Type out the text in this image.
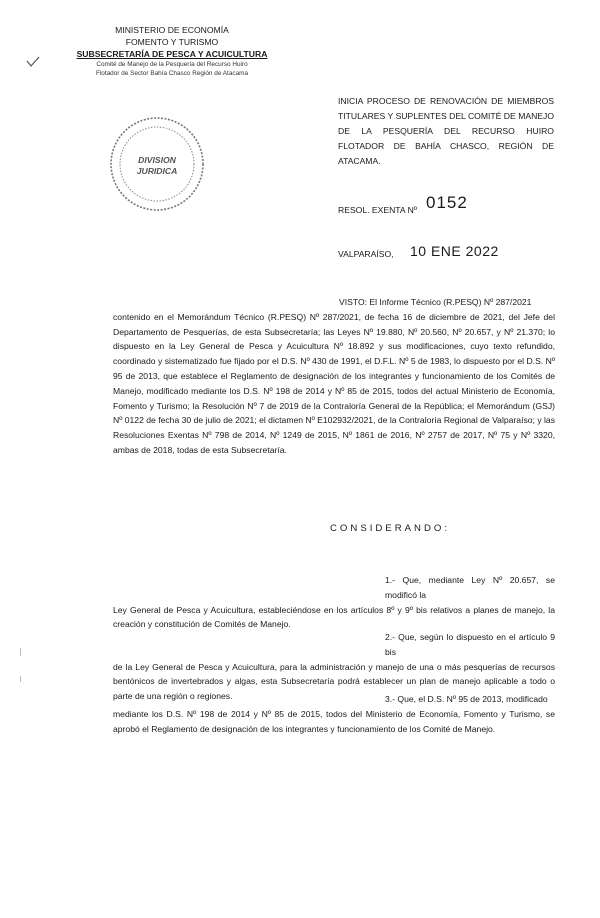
MINISTERIO DE ECONOMÍA
FOMENTO Y TURISMO
SUBSECRETARÍA DE PESCA Y ACUICULTURA
Comité de Manejo de la Pesquería del Recurso Huiro
Flotador de Sector Bahía Chasco Región de Atacama
DIVISION
JURIDICA
INICIA PROCESO DE RENOVACIÓN DE MIEMBROS TITULARES Y SUPLENTES DEL COMITÉ DE MANEJO DE LA PESQUERÍA DEL RECURSO HUIRO FLOTADOR DE BAHÍA CHASCO, REGIÓN DE ATACAMA.
RESOL. EXENTA Nº 0152
VALPARAÍSO, 10 ENE 2022
VISTO: El Informe Técnico (R.PESQ) Nº 287/2021
contenido en el Memorándum Técnico (R.PESQ) Nº 287/2021, de fecha 16 de diciembre de 2021, del Jefe del Departamento de Pesquerías, de esta Subsecretaría; las Leyes Nº 19.880, Nº 20.560, Nº 20.657, y Nº 21.370; lo dispuesto en la Ley General de Pesca y Acuicultura Nº 18.892 y sus modificaciones, cuyo texto refundido, coordinado y sistematizado fue fijado por el D.S. Nº 430 de 1991, el D.F.L. Nº 5 de 1983, lo dispuesto por el D.S. Nº 95 de 2013, que establece el Reglamento de designación de los integrantes y funcionamiento de los Comités de Manejo, modificado mediante los D.S. Nº 198 de 2014 y Nº 85 de 2015, todos del actual Ministerio de Economía, Fomento y Turismo; la Resolución Nº 7 de 2019 de la Contraloría General de la República; el Memorándum (GSJ) Nº 0122 de fecha 30 de julio de 2021; el dictamen Nº E102932/2021, de la Contraloría Regional de Valparaíso; y las Resoluciones Exentas Nº 798 de 2014, Nº 1249 de 2015, Nº 1861 de 2016, Nº 2757 de 2017, Nº 75 y Nº 3320, ambas de 2018, todas de esta Subsecretaría.
CONSIDERANDO:
1.- Que, mediante Ley Nº 20.657, se modificó la
Ley General de Pesca y Acuicultura, estableciéndose en los artículos 8º y 9º bis relativos a planes de manejo, la creación y constitución de Comités de Manejo.
2.- Que, según lo dispuesto en el artículo 9 bis
de la Ley General de Pesca y Acuicultura, para la administración y manejo de una o más pesquerías de recursos bentónicos de invertebrados y algas, esta Subsecretaría podrá establecer un plan de manejo aplicable a todo o parte de una región o regiones.	3.- Que, el D.S. Nº 95 de 2013, modificado
mediante los D.S. Nº 198 de 2014 y Nº 85 de 2015, todos del Ministerio de Economía, Fomento y Turismo, se aprobó el Reglamento de designación de los integrantes y funcionamiento de los Comité de Manejo.
